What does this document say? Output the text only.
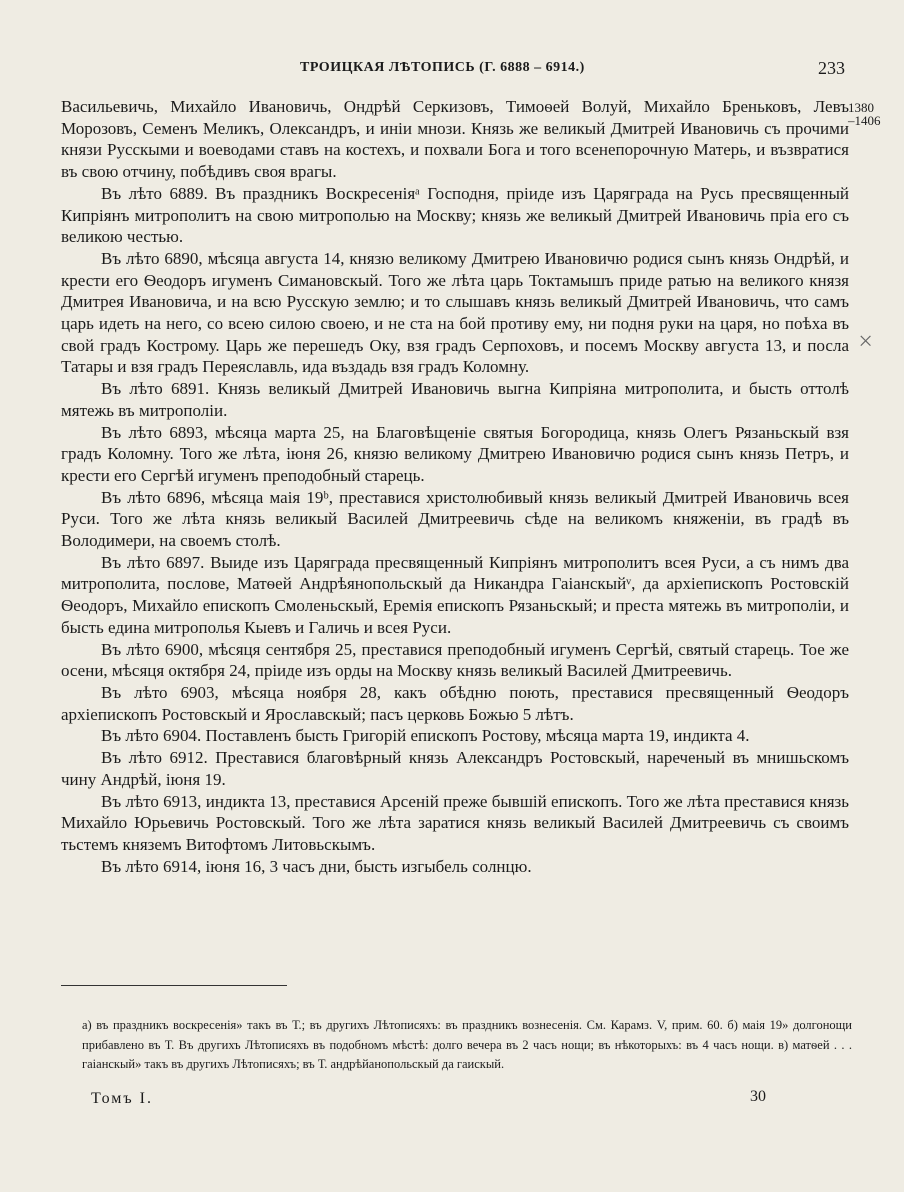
ТРОИЦКАЯ ЛѢТОПИСЬ (Г. 6888 – 6914.)	233
1380
–1406
⨉

Васильевичь, Михайло Ивановичь, Ондрѣй Серкизовъ, Тимоѳей Волуй, Михайло Бреньковъ, Левъ Морозовъ, Семенъ Меликъ, Олександръ, и иніи мнози. Князь же великый Дмитрей Ивановичь съ прочими князи Русскыми и воеводами ставъ на костехъ, и похвали Бога и того всенепорочную Матерь, и възвратися въ свою отчину, побѣдивъ своя врагы.

Въ лѣто 6889. Въ праздникъ Воскресеніяᵃ Господня, пріиде изъ Царяграда на Русь пресвященный Кипріянъ митрополитъ на свою митрополью на Москву; князь же великый Дмитрей Ивановичь пріа его съ великою честью.

Въ лѣто 6890, мѣсяца августа 14, князю великому Дмитрею Ивановичю родися сынъ князь Ондрѣй, и крести его Ѳеодоръ игуменъ Симановскый. Того же лѣта царь Токтамышъ приде ратью на великого князя Дмитрея Ивановича, и на всю Русскую землю; и то слышавъ князь великый Дмитрей Ивановичь, что самъ царь идеть на него, со всею силою своею, и не ста на бой противу ему, ни подня руки на царя, но поѣха въ свой градъ Кострому. Царь же перешедъ Оку, взя градъ Серпоховъ, и посемъ Москву августа 13, и посла Татары и взя градъ Переяславль, ида въздадь взя градъ Коломну.

Въ лѣто 6891. Князь великый Дмитрей Ивановичь выгна Кипріяна митрополита, и бысть оттолѣ мятежь въ митрополіи.

Въ лѣто 6893, мѣсяца марта 25, на Благовѣщеніе святыя Богородица, князь Олегъ Рязаньскый взя градъ Коломну. Того же лѣта, іюня 26, князю великому Дмитрею Ивановичю родися сынъ князь Петръ, и крести его Сергѣй игуменъ преподобный старець.

Въ лѣто 6896, мѣсяца маія 19ᵇ, преставися христолюбивый князь великый Дмитрей Ивановичь всея Руси. Того же лѣта князь великый Василей Дмитреевичь сѣде на великомъ княженіи, въ градѣ въ Володимери, на своемъ столѣ.

Въ лѣто 6897. Выиде изъ Царяграда пресвященный Кипріянъ митрополитъ всея Руси, а съ нимъ два митрополита, послове, Матѳей Андрѣянопольскый да Никандра Гаіанскыйᵛ, да архіепископъ Ростовскій Ѳеодоръ, Михайло епископъ Смоленьскый, Еремія епископъ Рязаньскый; и преста мятежь въ митрополіи, и бысть едина митрополья Кыевъ и Галичь и всея Руси.

Въ лѣто 6900, мѣсяця сентября 25, преставися преподобный игуменъ Сергѣй, святый старець. Тое же осени, мѣсяця октября 24, пріиде изъ орды на Москву князь великый Василей Дмитреевичь.

Въ лѣто 6903, мѣсяца ноября 28, какъ обѣдню поють, преставися пресвященный Ѳеодоръ архіепископъ Ростовскый и Ярославскый; пасъ церковь Божью 5 лѣтъ.

Въ лѣто 6904. Поставленъ бысть Григорій епископъ Ростову, мѣсяца марта 19, индикта 4.

Въ лѣто 6912. Преставися благовѣрный князь Александръ Ростовскый, нареченый въ мнишьскомъ чину Андрѣй, іюня 19.

Въ лѣто 6913, индикта 13, преставися Арсеній преже бывшій епископъ. Того же лѣта преставися князь Михайло Юрьевичь Ростовскый. Того же лѣта заратися князь великый Василей Дмитреевичь съ своимъ тьстемъ княземъ Витофтомъ Литовьскымъ.

Въ лѣто 6914, іюня 16, 3 часъ дни, бысть изгыбель солнцю.

а) въ праздникъ воскресенія» такъ въ Т.; въ другихъ Лѣтописяхъ: въ праздникъ вознесенія. См. Карамз. V, прим. 60. б) маія 19» долгонощи прибавлено въ Т. Въ другихъ Лѣтописяхъ въ подобномъ мѣстѣ: долго вечера въ 2 часъ нощи; въ нѣкоторыхъ: въ 4 часъ нощи. в) матѳей . . . гаіанскый» такъ въ другихъ Лѣтописяхъ; въ Т. андрѣйанопольскый да гаискый.
Томъ I.	30
